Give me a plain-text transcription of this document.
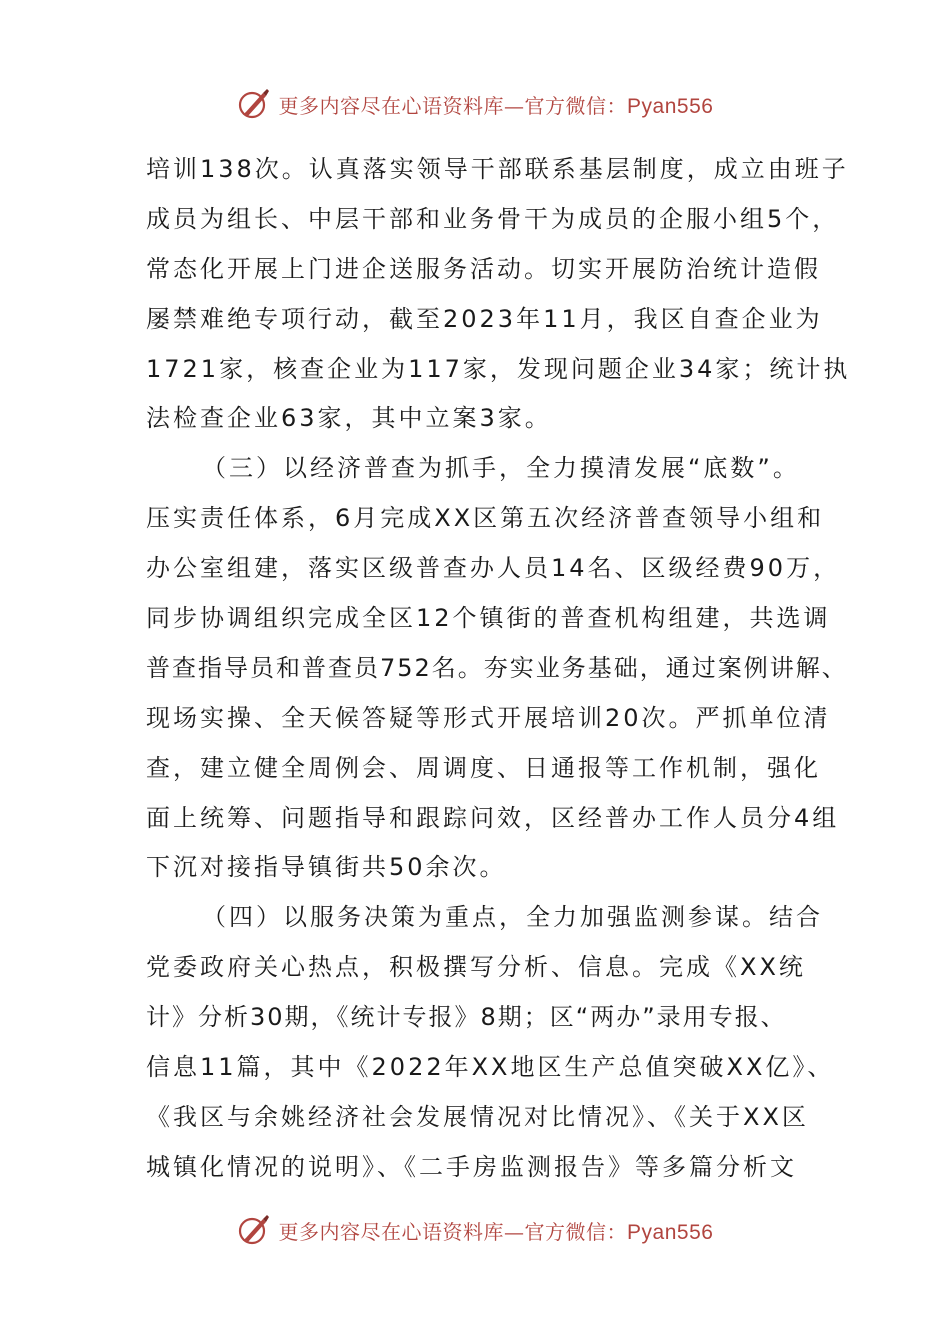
更多内容尽在心语资料库—官方微信：Pyan556
培训138次。认真落实领导干部联系基层制度，成立由班子
成员为组长、中层干部和业务骨干为成员的企服小组5个，
常态化开展上门进企送服务活动。切实开展防治统计造假
屡禁难绝专项行动，截至2023年11月，我区自查企业为
1721家，核查企业为117家，发现问题企业34家；统计执
法检查企业63家，其中立案3家。
（三）以经济普查为抓手，全力摸清发展“底数”。
压实责任体系，6月完成XX区第五次经济普查领导小组和
办公室组建，落实区级普查办人员14名、区级经费90万，
同步协调组织完成全区12个镇街的普查机构组建，共选调
普查指导员和普查员752名。夯实业务基础，通过案例讲解、
现场实操、全天候答疑等形式开展培训20次。严抓单位清
查，建立健全周例会、周调度、日通报等工作机制，强化
面上统筹、问题指导和跟踪问效，区经普办工作人员分4组
下沉对接指导镇街共50余次。
（四）以服务决策为重点，全力加强监测参谋。结合
党委政府关心热点，积极撰写分析、信息。完成《XX统
计》分析30期，《统计专报》8期；区“两办”录用专报、
信息11篇，其中《2022年XX地区生产总值突破XX亿》、
《我区与余姚经济社会发展情况对比情况》、《关于XX区
城镇化情况的说明》、《二手房监测报告》等多篇分析文
更多内容尽在心语资料库—官方微信：Pyan556
